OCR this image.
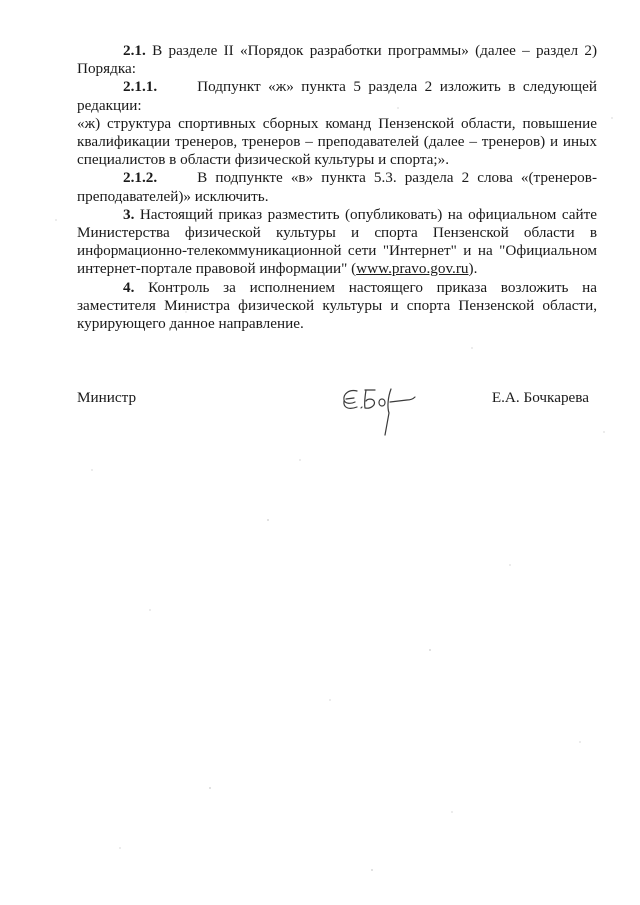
2.1. В разделе II «Порядок разработки программы» (далее – раздел 2) Порядка:

2.1.1.	Подпункт «ж» пункта 5 раздела 2 изложить в следующей редакции:

«ж) структура спортивных сборных команд Пензенской области, повышение квалификации тренеров, тренеров – преподавателей (далее – тренеров) и иных специалистов в области физической культуры и спорта;».

2.1.2.	В подпункте «в» пункта 5.3. раздела 2 слова «(тренеров-преподавателей)» исключить.

3. Настоящий приказ разместить (опубликовать) на официальном сайте Министерства физической культуры и спорта Пензенской области в информационно-телекоммуникационной сети "Интернет" и на "Официальном интернет-портале правовой информации" (www.pravo.gov.ru).

4. Контроль за исполнением настоящего приказа возложить на заместителя Министра физической культуры и спорта Пензенской области, курирующего данное направление.

Министр	Е.А. Бочкарева
